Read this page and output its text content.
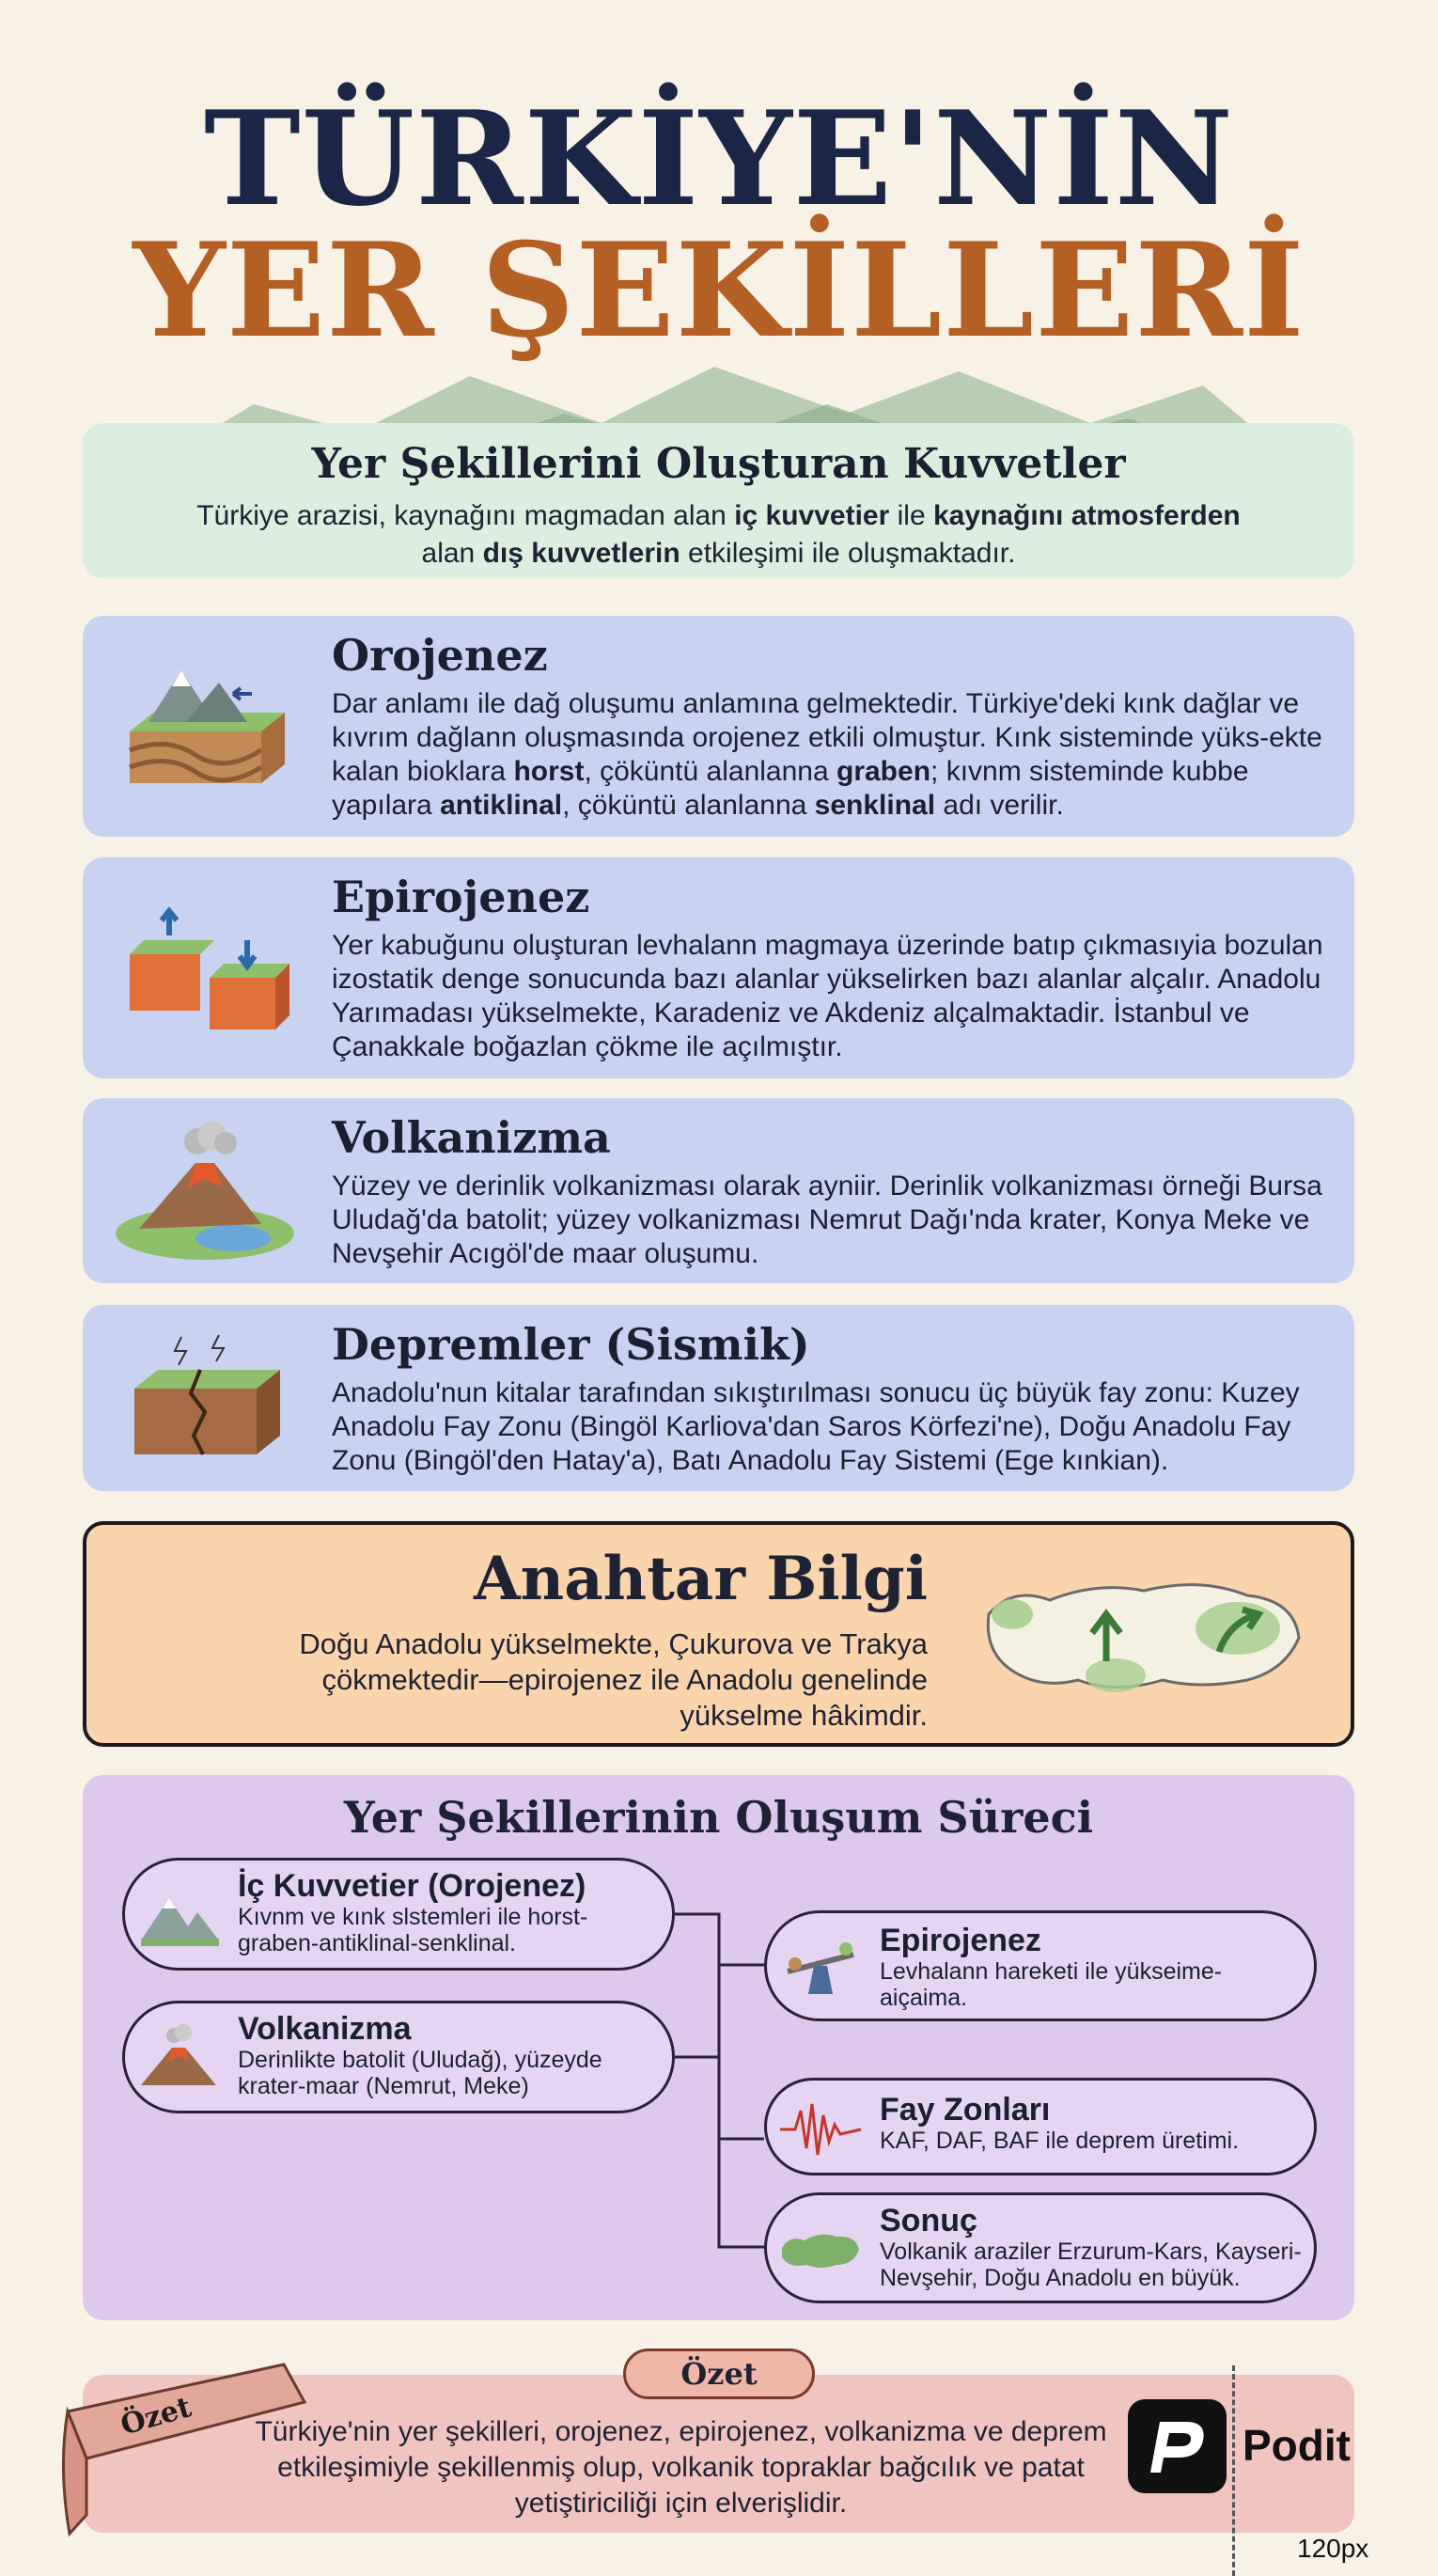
TÜRKİYE'NİN
YER ŞEKİLLERİ
Yer Şekillerini Oluşturan Kuvvetler

Türkiye arazisi, kaynağını magmadan alan iç kuvvetier ile kaynağını atmosferden alan dış kuvvetlerin etkileşimi ile oluşmaktadır.

Orojenez

Dar anlamı ile dağ oluşumu anlamına gelmektedir. Türkiye'deki kınk dağlar ve kıvrım dağlann oluşmasında orojenez etkili olmuştur. Kınk sisteminde yüks-ekte kalan bioklara horst, çöküntü alanlanna graben; kıvnm sisteminde kubbe yapılara antiklinal, çöküntü alanlanna senklinal adı verilir.

Epirojenez

Yer kabuğunu oluşturan levhalann magmaya üzerinde batıp çıkmasıyia bozulan izostatik denge sonucunda bazı alanlar yükselirken bazı alanlar alçalır. Anadolu Yarımadası yükselmekte, Karadeniz ve Akdeniz alçalmaktadir. İstanbul ve Çanakkale boğazlan çökme ile açılmıştır.

Volkanizma

Yüzey ve derinlik volkanizması olarak ayniir. Derinlik volkanizması örneği Bursa Uludağ'da batolit; yüzey volkanizması Nemrut Dağı'nda krater, Konya Meke ve Nevşehir Acıgöl'de maar oluşumu.

Depremler (Sismik)

Anadolu'nun kitalar tarafından sıkıştırılması sonucu üç büyük fay zonu: Kuzey Anadolu Fay Zonu (Bingöl Karliova'dan Saros Körfezi'ne), Doğu Anadolu Fay Zonu (Bingöl'den Hatay'a), Batı Anadolu Fay Sistemi (Ege kınkian).

Anahtar Bilgi

Doğu Anadolu yükselmekte, Çukurova ve Trakya çökmektedir—epirojenez ile Anadolu genelinde yükselme hâkimdir.

Yer Şekillerinin Oluşum Süreci
İç Kuvvetier (Orojenez)
Kıvnm ve kınk slstemleri ile horst-graben-antiklinal-senklinal.
Volkanizma
Derinlikte batolit (Uludağ), yüzeyde krater-maar (Nemrut, Meke)
Epirojenez
Levhalann hareketi ile yükseime-aiçaima.
Fay Zonları
KAF, DAF, BAF ile deprem üretimi.
Sonuç
Volkanik araziler Erzurum-Kars, Kayseri-Nevşehir, Doğu Anadolu en büyük.

Türkiye'nin yer şekilleri, orojenez, epirojenez, volkanizma ve deprem etkileşimiyle şekillenmiş olup, volkanik topraklar bağcılık ve patat yetiştiriciliği için elverişlidir.

Özet
Özet
Podit
120px
